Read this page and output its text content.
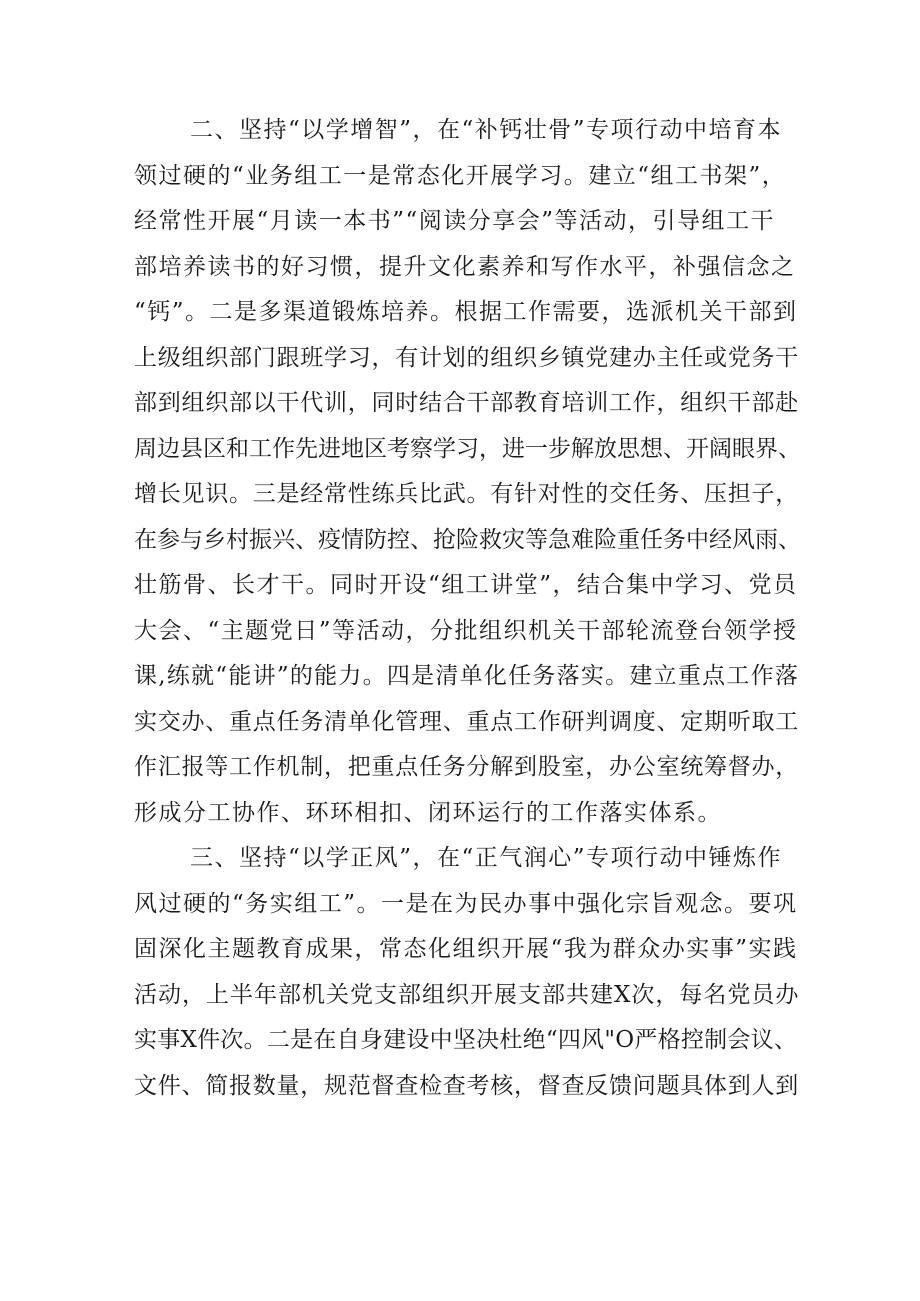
二、坚持“以学增智”，在“补钙壮骨”专项行动中培育本
领过硬的“业务组工一是常态化开展学习。建立“组工书架”，
经常性开展“月读一本书”“阅读分享会”等活动，引导组工干
部培养读书的好习惯，提升文化素养和写作水平，补强信念之
“钙”。二是多渠道锻炼培养。根据工作需要，选派机关干部到
上级组织部门跟班学习，有计划的组织乡镇党建办主任或党务干
部到组织部以干代训，同时结合干部教育培训工作，组织干部赴
周边县区和工作先进地区考察学习，进一步解放思想、开阔眼界、
增长见识。三是经常性练兵比武。有针对性的交任务、压担子，
在参与乡村振兴、疫情防控、抢险救灾等急难险重任务中经风雨、
壮筋骨、长才干。同时开设“组工讲堂”，结合集中学习、党员
大会、“主题党日”等活动，分批组织机关干部轮流登台领学授
课,练就“能讲”的能力。四是清单化任务落实。建立重点工作落
实交办、重点任务清单化管理、重点工作研判调度、定期听取工
作汇报等工作机制，把重点任务分解到股室，办公室统筹督办，
形成分工协作、环环相扣、闭环运行的工作落实体系。
三、坚持“以学正风”，在“正气润心”专项行动中锤炼作
风过硬的“务实组工”。一是在为民办事中强化宗旨观念。要巩
固深化主题教育成果，常态化组织开展“我为群众办实事”实践
活动，上半年部机关党支部组织开展支部共建X次，每名党员办
实事X件次。二是在自身建设中坚决杜绝“四风"O严格控制会议、
文件、简报数量，规范督查检查考核，督查反馈问题具体到人到
